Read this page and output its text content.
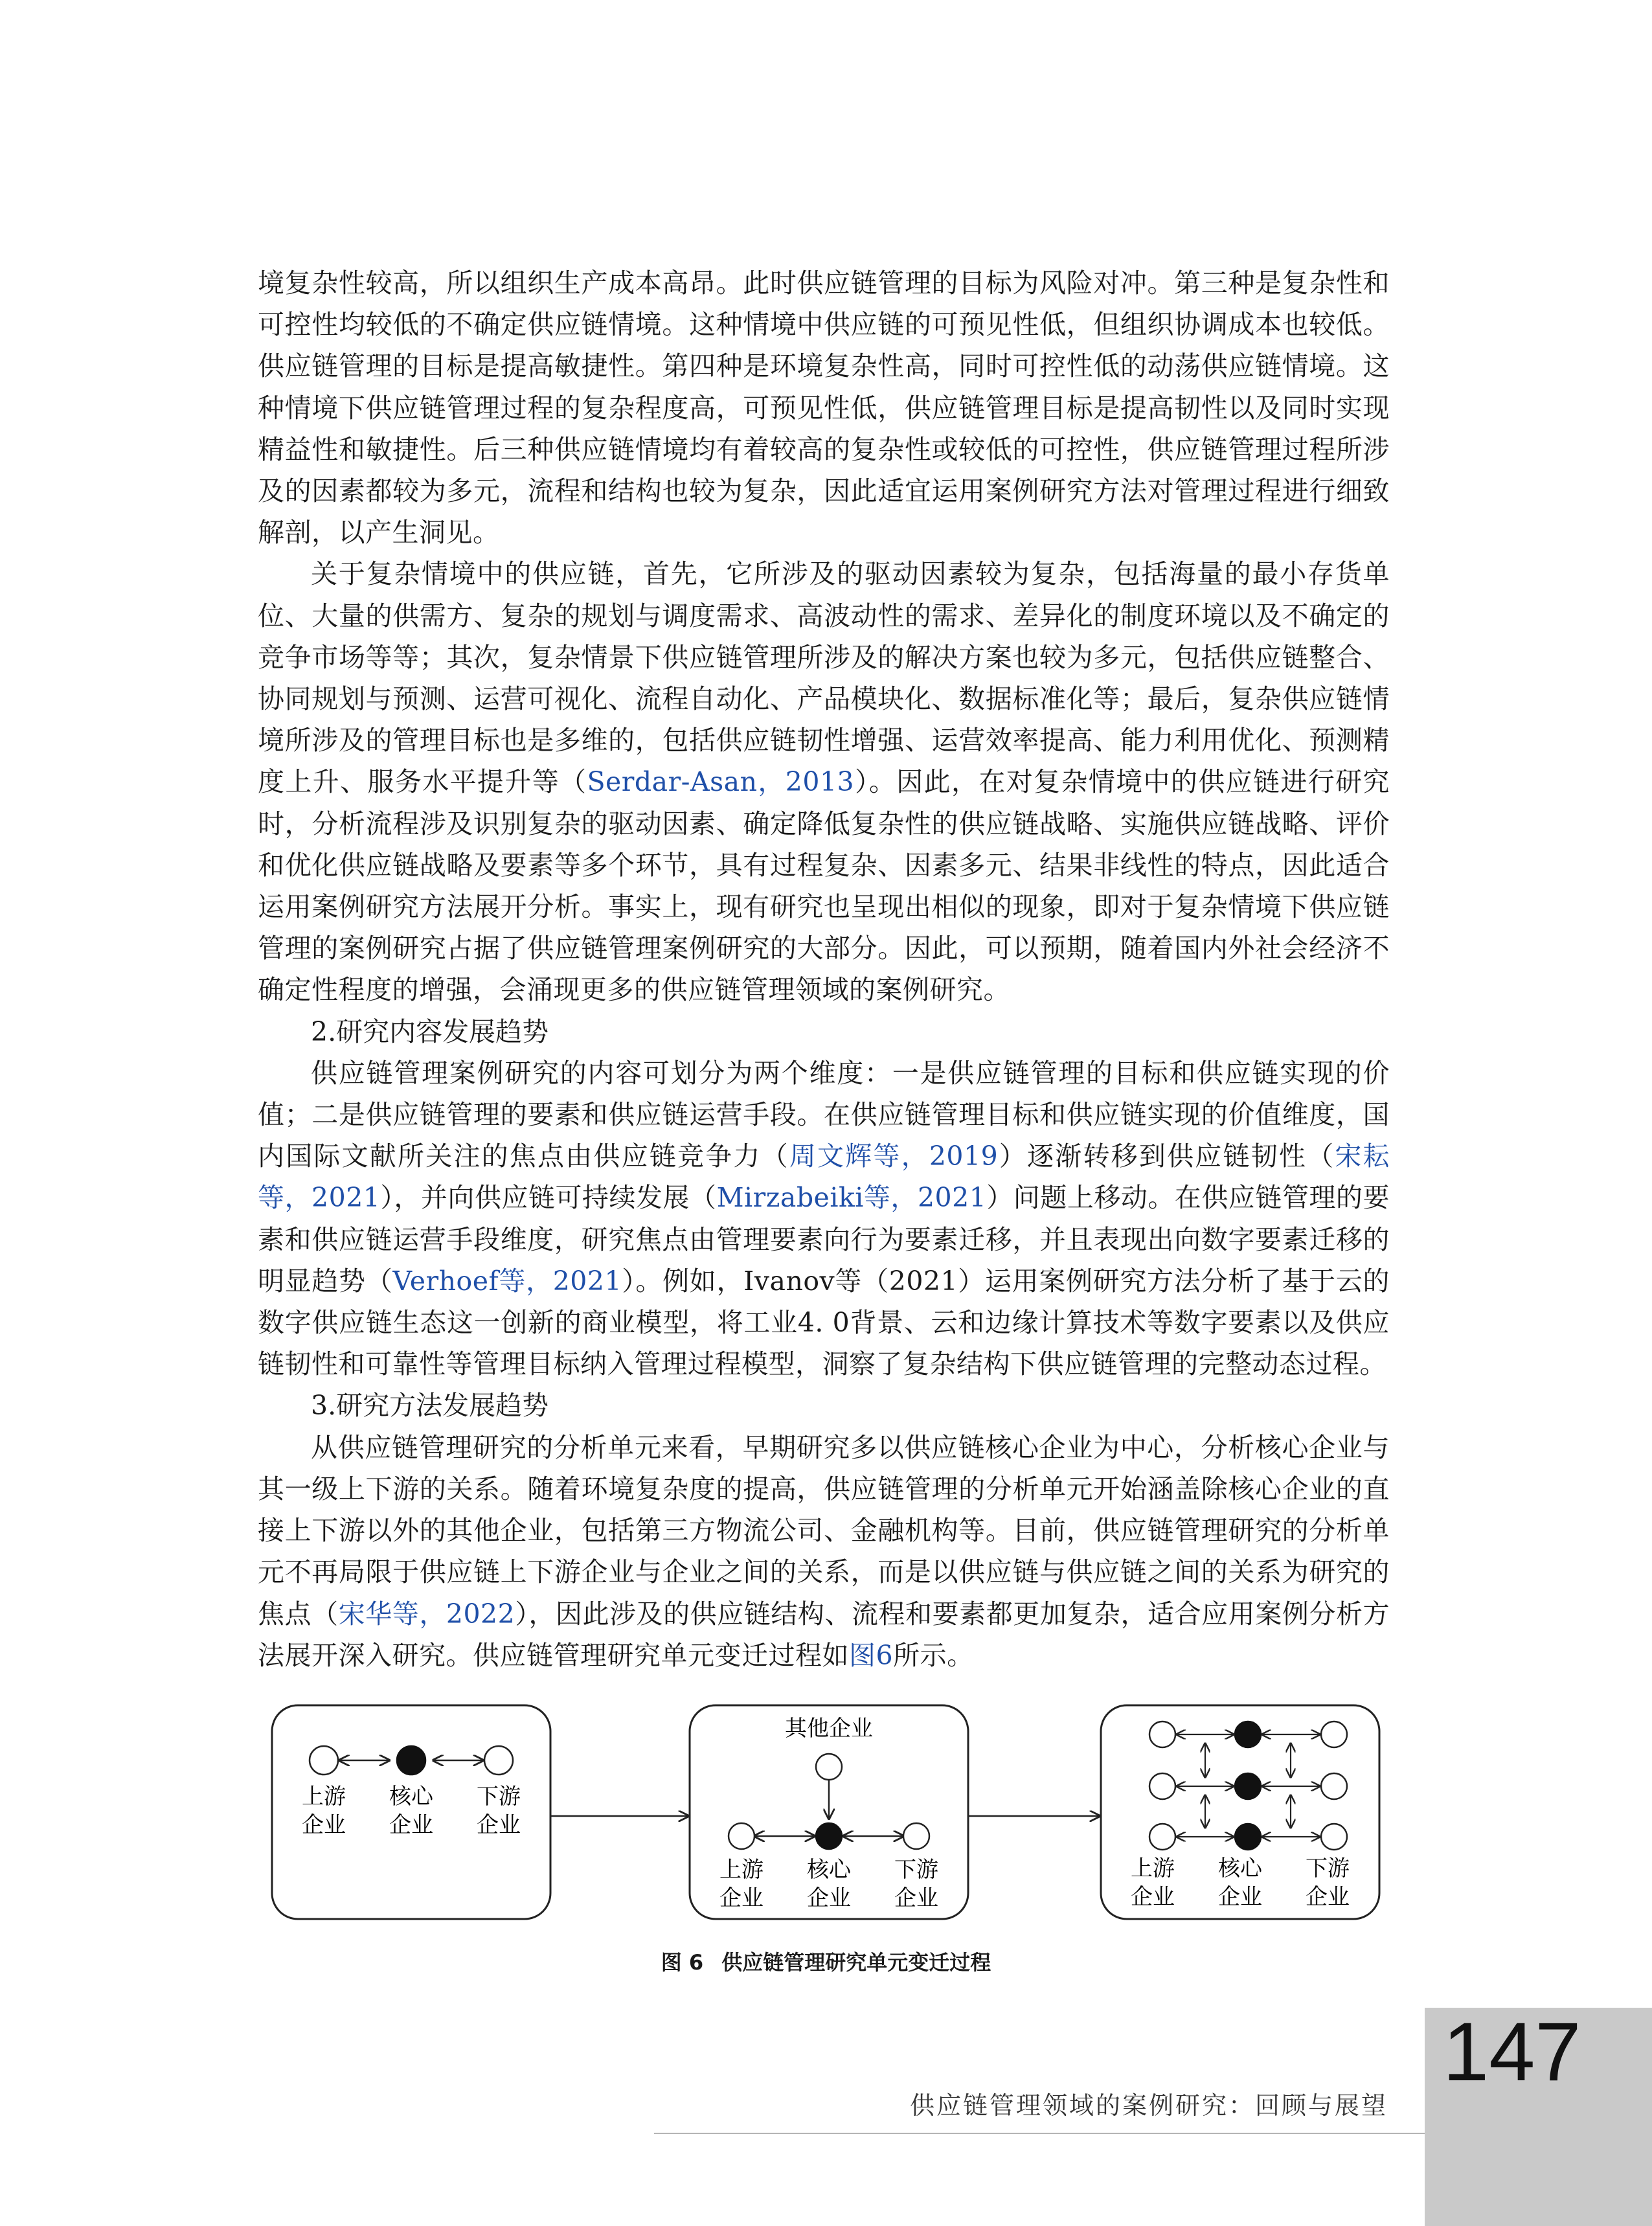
境复杂性较高，所以组织生产成本高昂。此时供应链管理的目标为风险对冲。第三种是复杂性和可控性均较低的不确定供应链情境。这种情境中供应链的可预见性低，但组织协调成本也较低。供应链管理的目标是提高敏捷性。第四种是环境复杂性高，同时可控性低的动荡供应链情境。这种情境下供应链管理过程的复杂程度高，可预见性低，供应链管理目标是提高韧性以及同时实现精益性和敏捷性。后三种供应链情境均有着较高的复杂性或较低的可控性，供应链管理过程所涉及的因素都较为多元，流程和结构也较为复杂，因此适宜运用案例研究方法对管理过程进行细致解剖，以产生洞见。

关于复杂情境中的供应链，首先，它所涉及的驱动因素较为复杂，包括海量的最小存货单位、大量的供需方、复杂的规划与调度需求、高波动性的需求、差异化的制度环境以及不确定的竞争市场等等；其次，复杂情景下供应链管理所涉及的解决方案也较为多元，包括供应链整合、协同规划与预测、运营可视化、流程自动化、产品模块化、数据标准化等；最后，复杂供应链情境所涉及的管理目标也是多维的，包括供应链韧性增强、运营效率提高、能力利用优化、预测精度上升、服务水平提升等（Serdar-Asan，2013）。因此，在对复杂情境中的供应链进行研究时，分析流程涉及识别复杂的驱动因素、确定降低复杂性的供应链战略、实施供应链战略、评价和优化供应链战略及要素等多个环节，具有过程复杂、因素多元、结果非线性的特点，因此适合运用案例研究方法展开分析。事实上，现有研究也呈现出相似的现象，即对于复杂情境下供应链管理的案例研究占据了供应链管理案例研究的大部分。因此，可以预期，随着国内外社会经济不确定性程度的增强，会涌现更多的供应链管理领域的案例研究。

2.研究内容发展趋势

供应链管理案例研究的内容可划分为两个维度：一是供应链管理的目标和供应链实现的价值；二是供应链管理的要素和供应链运营手段。在供应链管理目标和供应链实现的价值维度，国内国际文献所关注的焦点由供应链竞争力（周文辉等，2019）逐渐转移到供应链韧性（宋耘等，2021），并向供应链可持续发展（Mirzabeiki等，2021）问题上移动。在供应链管理的要素和供应链运营手段维度，研究焦点由管理要素向行为要素迁移，并且表现出向数字要素迁移的明显趋势（Verhoef等，2021）。例如，Ivanov等（2021）运用案例研究方法分析了基于云的数字供应链生态这一创新的商业模型，将工业4. 0背景、云和边缘计算技术等数字要素以及供应链韧性和可靠性等管理目标纳入管理过程模型，洞察了复杂结构下供应链管理的完整动态过程。

3.研究方法发展趋势

从供应链管理研究的分析单元来看，早期研究多以供应链核心企业为中心，分析核心企业与其一级上下游的关系。随着环境复杂度的提高，供应链管理的分析单元开始涵盖除核心企业的直接上下游以外的其他企业，包括第三方物流公司、金融机构等。目前，供应链管理研究的分析单元不再局限于供应链上下游企业与企业之间的关系，而是以供应链与供应链之间的关系为研究的焦点（宋华等，2022），因此涉及的供应链结构、流程和要素都更加复杂，适合应用案例分析方法展开深入研究。供应链管理研究单元变迁过程如图6所示。

上游
企业
核心
企业
下游
企业
其他企业
上游
企业
核心
企业
下游
企业
上游
企业
核心
企业
下游
企业
图 6 供应链管理研究单元变迁过程
147
供应链管理领域的案例研究：回顾与展望
